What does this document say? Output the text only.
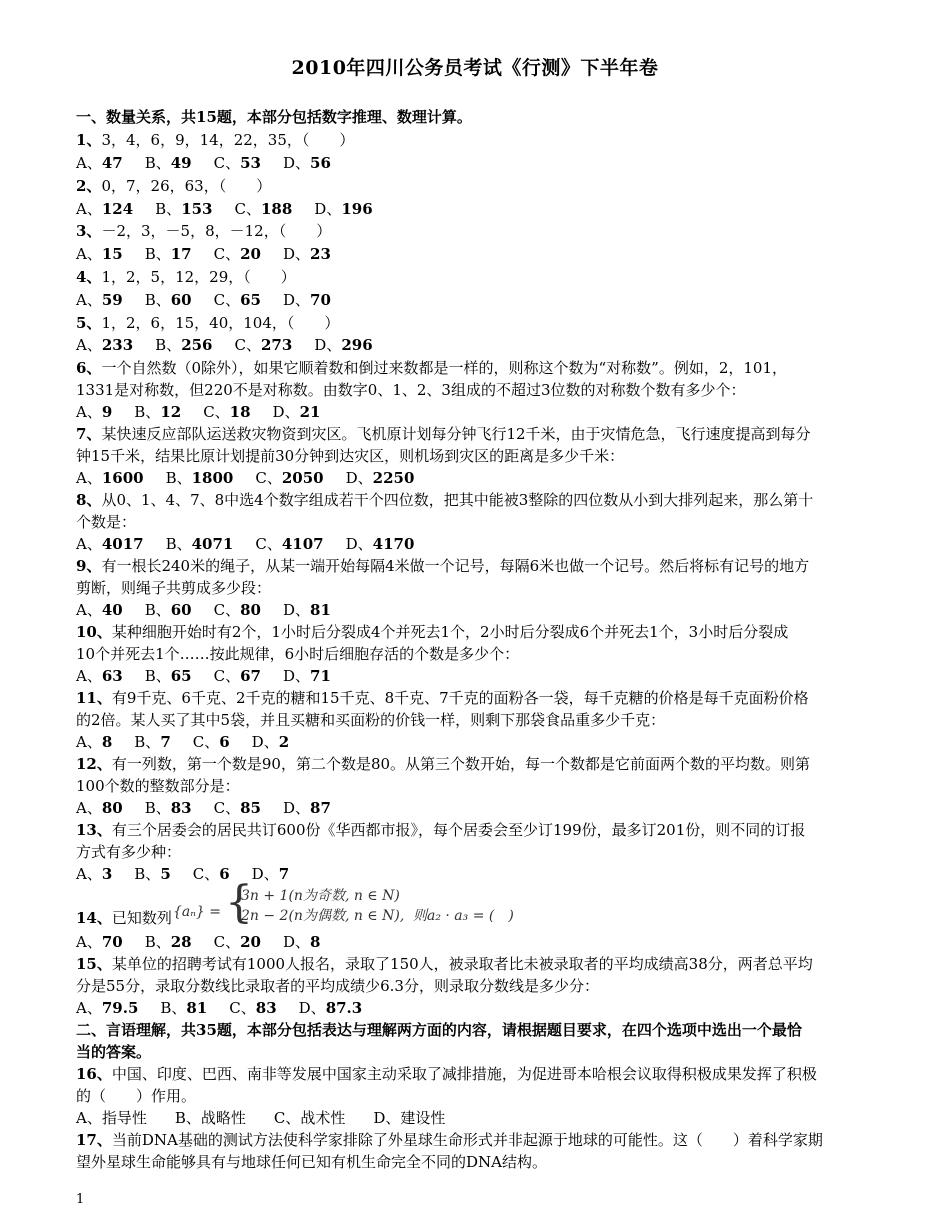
2010年四川公务员考试《行测》下半年卷
一、数量关系，共15题，本部分包括数字推理、数理计算。
1、3，4，6，9，14，22，35，（　　）
A、47 B、49 C、53 D、56
2、0，7，26，63，（　　）
A、124 B、153 C、188 D、196
3、－2，3，－5，8，－12，（　　）
A、15 B、17 C、20 D、23
4、1，2，5，12，29，（　　）
A、59 B、60 C、65 D、70
5、1，2，6，15，40，104，（　　）
A、233 B、256 C、273 D、296
6、一个自然数（0除外），如果它顺着数和倒过来数都是一样的，则称这个数为“对称数”。例如，2，101，
1331是对称数，但220不是对称数。由数字0、1、2、3组成的不超过3位数的对称数个数有多少个：
A、9 B、12 C、18 D、21
7、某快速反应部队运送救灾物资到灾区。飞机原计划每分钟飞行12千米，由于灾情危急，飞行速度提高到每分
钟15千米，结果比原计划提前30分钟到达灾区，则机场到灾区的距离是多少千米：
A、1600 B、1800 C、2050 D、2250
8、从0、1、4、7、8中选4个数字组成若干个四位数，把其中能被3整除的四位数从小到大排列起来，那么第十
个数是：
A、4017 B、4071 C、4107 D、4170
9、有一根长240米的绳子，从某一端开始每隔4米做一个记号，每隔6米也做一个记号。然后将标有记号的地方
剪断，则绳子共剪成多少段：
A、40 B、60 C、80 D、81
10、某种细胞开始时有2个，1小时后分裂成4个并死去1个，2小时后分裂成6个并死去1个，3小时后分裂成
10个并死去1个……按此规律，6小时后细胞存活的个数是多少个：
A、63 B、65 C、67 D、71
11、有9千克、6千克、2千克的糖和15千克、8千克、7千克的面粉各一袋，每千克糖的价格是每千克面粉价格
的2倍。某人买了其中5袋，并且买糖和买面粉的价钱一样，则剩下那袋食品重多少千克：
A、8 B、7 C、6 D、2
12、有一列数，第一个数是90，第二个数是80。从第三个数开始，每一个数都是它前面两个数的平均数。则第
100个数的整数部分是：
A、80 B、83 C、85 D、87
13、有三个居委会的居民共订600份《华西都市报》，每个居委会至少订199份，最多订201份，则不同的订报
方式有多少种：
A、3 B、5 C、6 D、7
14、已知数列 {aₙ} = {
3n + 1(n为奇数, n ∈ N)
2n − 2(n为偶数, n ∈ N), 则a₂ · a₃ = (　)
A、70 B、28 C、20 D、8
15、某单位的招聘考试有1000人报名，录取了150人，被录取者比未被录取者的平均成绩高38分，两者总平均
分是55分，录取分数线比录取者的平均成绩少6.3分，则录取分数线是多少分：
A、79.5 B、81 C、83 D、87.3
二、言语理解，共35题，本部分包括表达与理解两方面的内容，请根据题目要求，在四个选项中选出一个最恰
当的答案。
16、中国、印度、巴西、南非等发展中国家主动采取了减排措施，为促进哥本哈根会议取得积极成果发挥了积极
的（　　）作用。
A、指导性 B、战略性 C、战术性 D、建设性
17、当前DNA基础的测试方法使科学家排除了外星球生命形式并非起源于地球的可能性。这（　　）着科学家期
望外星球生命能够具有与地球任何已知有机生命完全不同的DNA结构。
1
